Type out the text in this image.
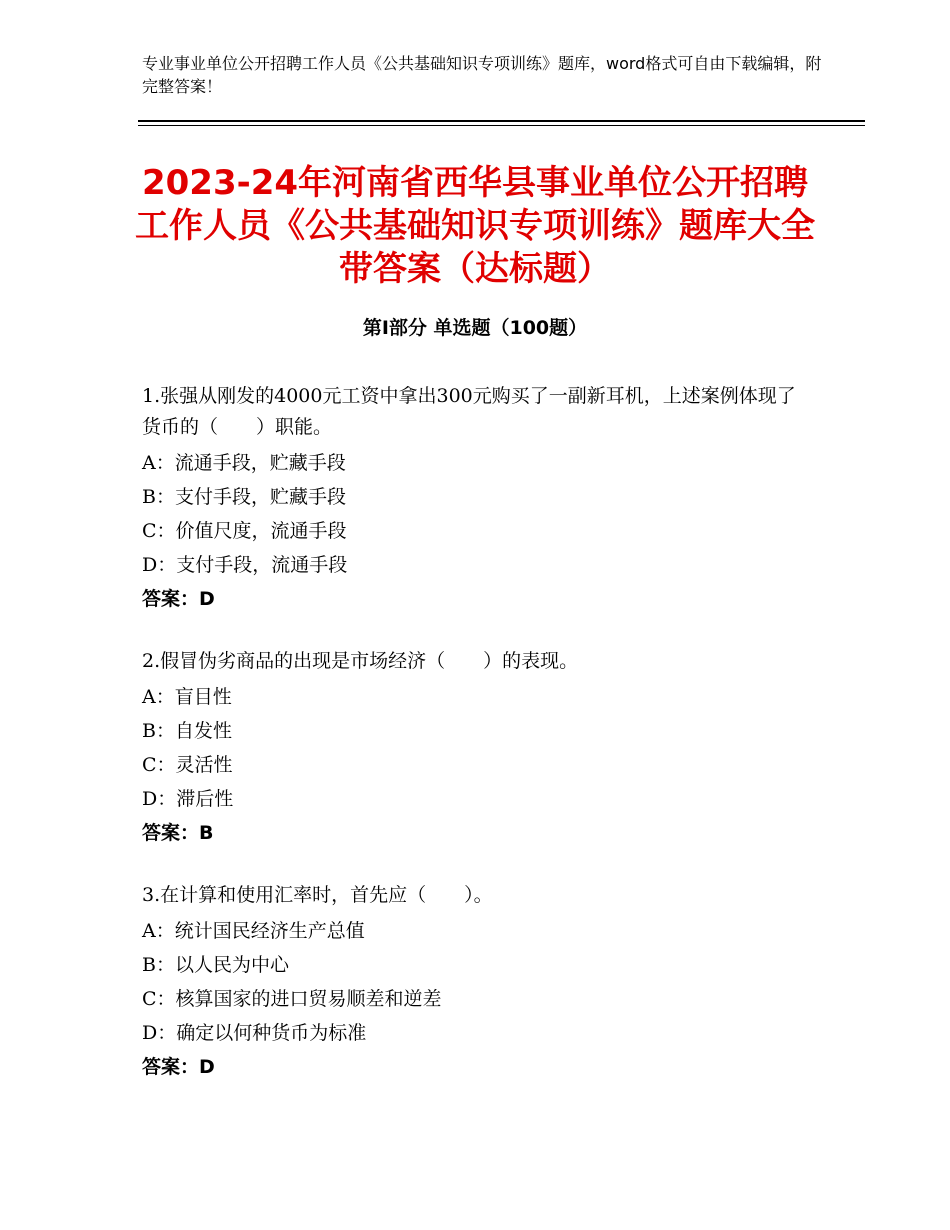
专业事业单位公开招聘工作人员《公共基础知识专项训练》题库，word格式可自由下载编辑，附完整答案！
2023-24年河南省西华县事业单位公开招聘工作人员《公共基础知识专项训练》题库大全带答案（达标题）
第I部分 单选题（100题）
1.张强从刚发的4000元工资中拿出300元购买了一副新耳机，上述案例体现了货币的（　　）职能。
A：流通手段，贮藏手段
B：支付手段，贮藏手段
C：价值尺度，流通手段
D：支付手段，流通手段
答案：D
2.假冒伪劣商品的出现是市场经济（　　）的表现。
A：盲目性
B：自发性
C：灵活性
D：滞后性
答案：B
3.在计算和使用汇率时，首先应（　　）。
A：统计国民经济生产总值
B：以人民为中心
C：核算国家的进口贸易顺差和逆差
D：确定以何种货币为标准
答案：D
